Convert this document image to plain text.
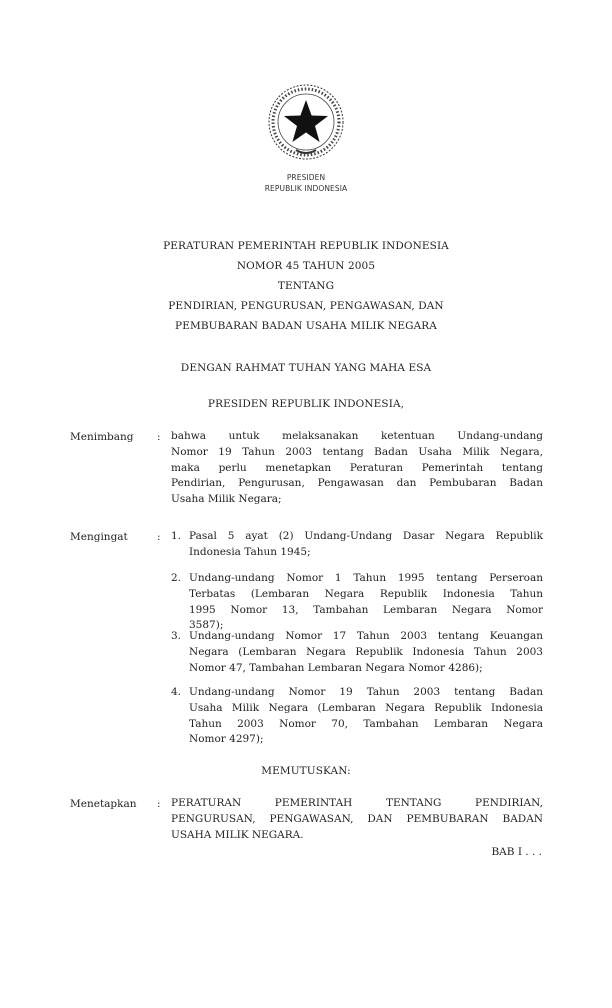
PRESIDEN
REPUBLIK INDONESIA
PERATURAN PEMERINTAH REPUBLIK INDONESIA
NOMOR 45 TAHUN 2005
TENTANG
PENDIRIAN, PENGURUSAN, PENGAWASAN, DAN
PEMBUBARAN BADAN USAHA MILIK NEGARA
DENGAN RAHMAT TUHAN YANG MAHA ESA
PRESIDEN REPUBLIK INDONESIA,
Menimbang : bahwa untuk melaksanakan ketentuan Undang-undang
Nomor 19 Tahun 2003 tentang Badan Usaha Milik Negara,
maka perlu menetapkan Peraturan Pemerintah tentang
Pendirian, Pengurusan, Pengawasan dan Pembubaran Badan
Usaha Milik Negara;
Mengingat	: 1. Pasal 5 ayat (2) Undang-Undang Dasar Negara Republik
Indonesia Tahun 1945;
2. Undang-undang Nomor 1 Tahun 1995 tentang Perseroan
Terbatas (Lembaran Negara Republik Indonesia Tahun
1995 Nomor 13, Tambahan Lembaran Negara Nomor
3587);
3. Undang-undang Nomor 17 Tahun 2003 tentang Keuangan
Negara (Lembaran Negara Republik Indonesia Tahun 2003
Nomor 47, Tambahan Lembaran Negara Nomor 4286);
4. Undang-undang Nomor 19 Tahun 2003 tentang Badan
Usaha Milik Negara (Lembaran Negara Republik Indonesia
Tahun 2003 Nomor 70, Tambahan Lembaran Negara
Nomor 4297);
MEMUTUSKAN:
Menetapkan : PERATURAN PEMERINTAH TENTANG PENDIRIAN,
PENGURUSAN, PENGAWASAN, DAN PEMBUBARAN BADAN
USAHA MILIK NEGARA.
BAB I . . .
